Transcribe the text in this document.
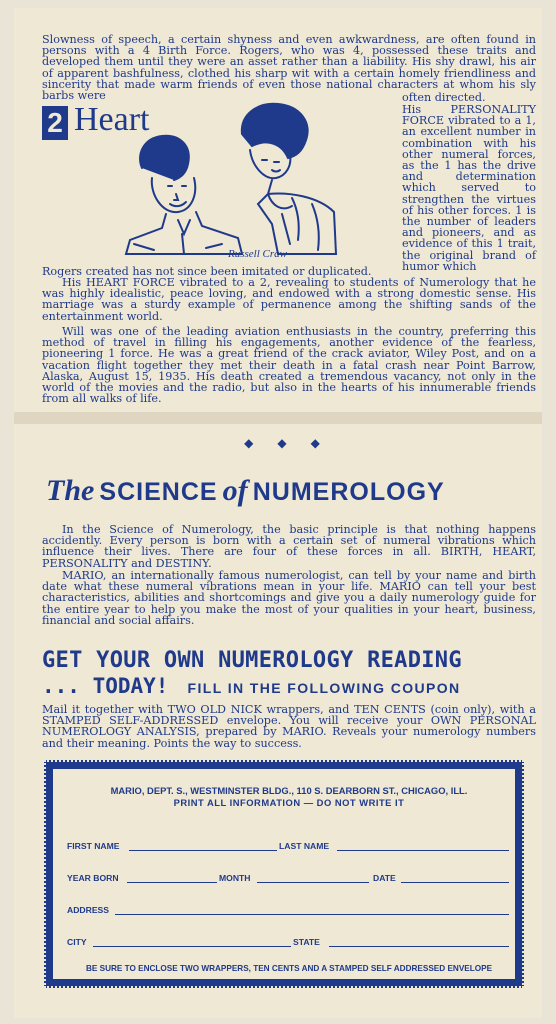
Slowness of speech, a certain shyness and even awkwardness, are often found in persons with a 4 Birth Force. Rogers, who was 4, possessed these traits and developed them until they were an asset rather than a liability. His shy drawl, his air of apparent bashfulness, clothed his sharp wit with a certain homely friendliness and sincerity that made warm friends of even those national characters at whom his sly barbs were	often directed.
2 Heart
Russell Craw
His PERSONALITY FORCE vibrated to a 1, an excellent number in combination with his other numeral forces, as the 1 has the drive and determination which served to strengthen the virtues of his other forces. 1 is the number of leaders and pioneers, and as evidence of this 1 trait, the original brand of humor which
Rogers created has not since been imitated or duplicated.

His HEART FORCE vibrated to a 2, revealing to students of Numerology that he was highly idealistic, peace loving, and endowed with a strong domestic sense. His marriage was a sturdy example of permanence among the shifting sands of the entertainment world.

Will was one of the leading aviation enthusiasts in the country, preferring this method of travel in filling his engagements, another evidence of the fearless, pioneering 1 force. He was a great friend of the crack aviator, Wiley Post, and on a vacation flight together they met their death in a fatal crash near Point Barrow, Alaska, August 15, 1935. His death created a tremendous vacancy, not only in the world of the movies and the radio, but also in the hearts of his innumerable friends from all walks of life.

◆◆◆
The SCIENCE of NUMEROLOGY

In the Science of Numerology, the basic principle is that nothing happens accidently. Every person is born with a certain set of numeral vibrations which influence their lives. There are four of these forces in all. BIRTH, HEART, PERSONALITY and DESTINY.

MARIO, an internationally famous numerologist, can tell by your name and birth date what these numeral vibrations mean in your life. MARIO can tell your best characteristics, abilities and shortcomings and give you a daily numerology guide for the entire year to help you make the most of your qualities in your heart, business, financial and social affairs.

GET YOUR OWN NUMEROLOGY READING
... TODAY! FILL IN THE FOLLOWING COUPON
Mail it together with TWO OLD NICK wrappers, and TEN CENTS (coin only), with a STAMPED SELF-ADDRESSED envelope. You will receive your OWN PERSONAL NUMEROLOGY ANALYSIS, prepared by MARIO. Reveals your numerology numbers and their meaning. Points the way to success.
MARIO, DEPT. S., WESTMINSTER BLDG., 110 S. DEARBORN ST., CHICAGO, ILL.
PRINT ALL INFORMATION — DO NOT WRITE IT
FIRST NAME	LAST NAME
YEAR BORN	MONTH	DATE
ADDRESS
CITY	STATE
BE SURE TO ENCLOSE TWO WRAPPERS, TEN CENTS AND A STAMPED SELF ADDRESSED ENVELOPE
